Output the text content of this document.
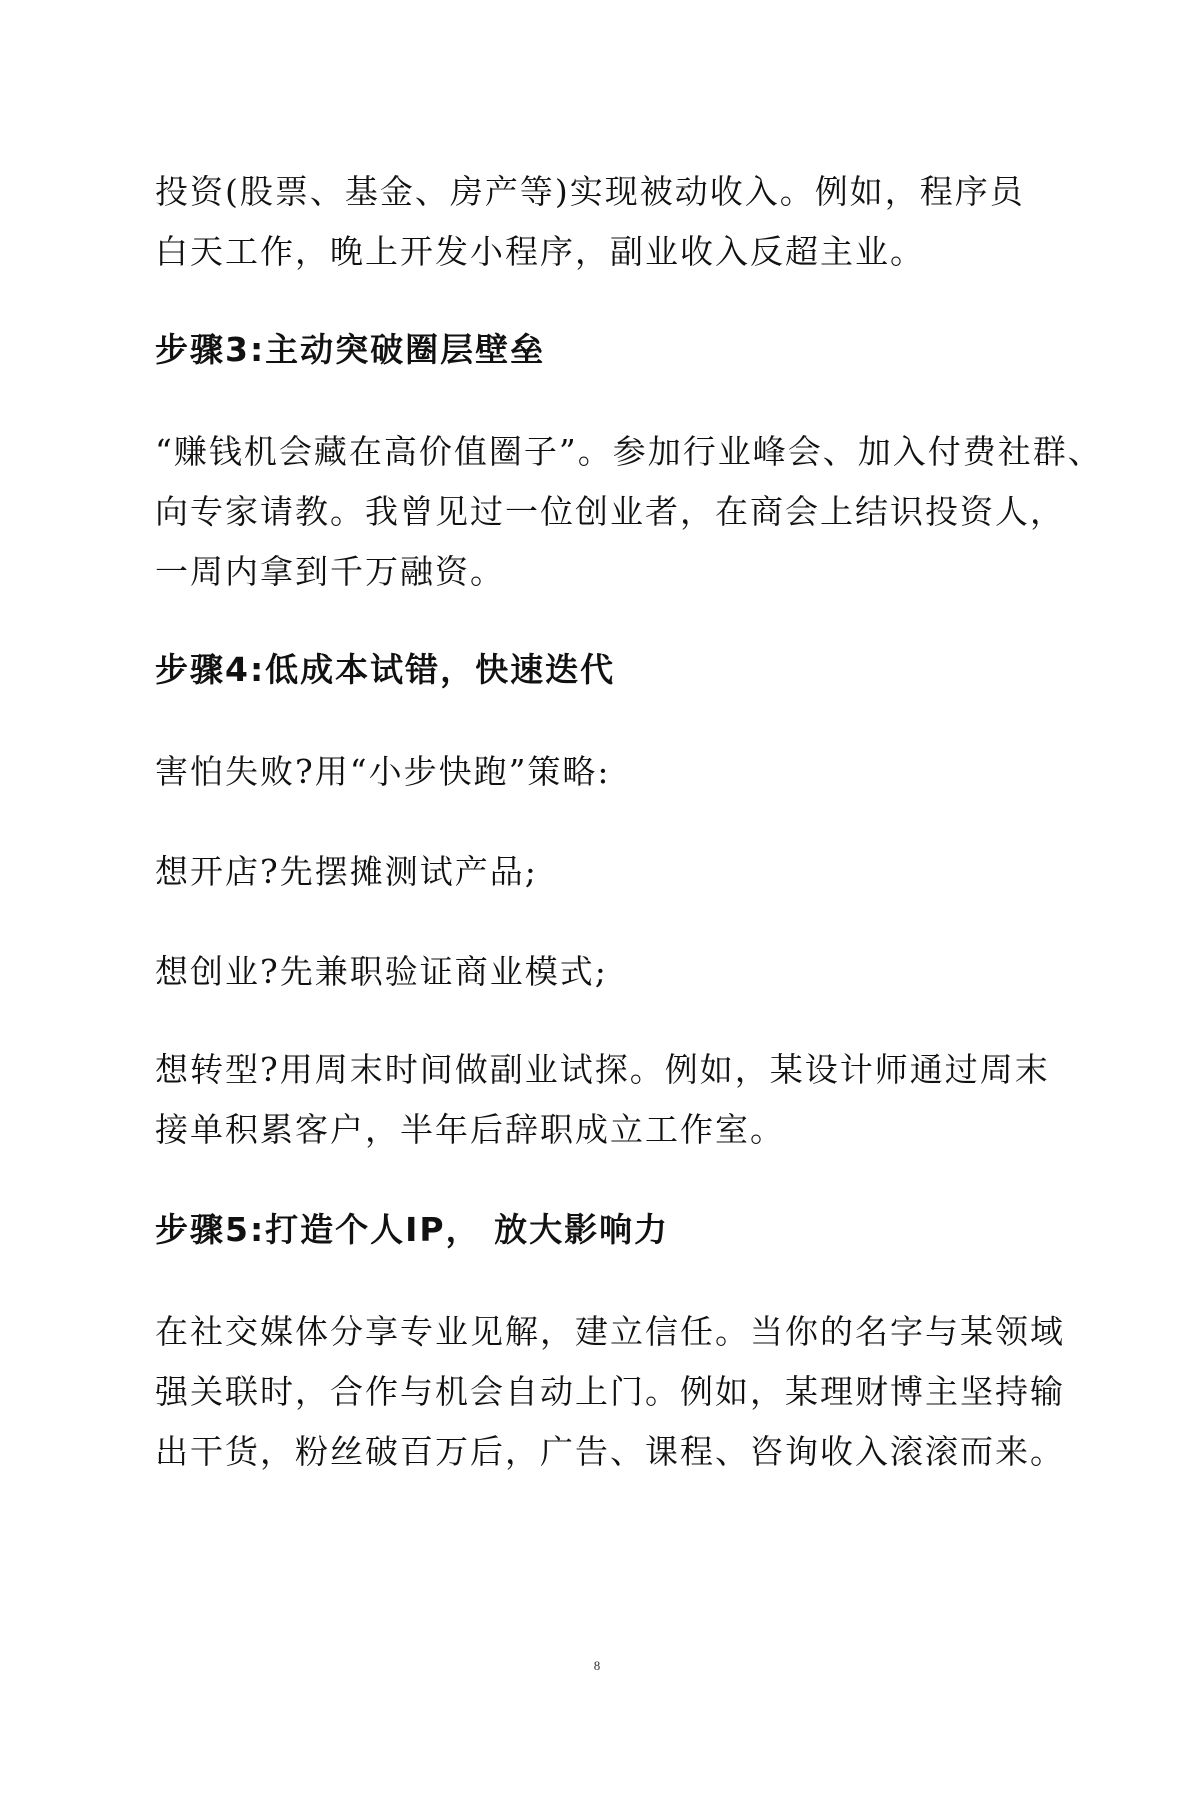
投资(股票、基金、房产等)实现被动收入。例如，程序员
白天工作，晚上开发小程序，副业收入反超主业。
步骤3:主动突破圈层壁垒
“赚钱机会藏在高价值圈子”。参加行业峰会、加入付费社群、
向专家请教。我曾见过一位创业者，在商会上结识投资人，
一周内拿到千万融资。
步骤4:低成本试错，快速迭代
害怕失败?用“小步快跑”策略:
想开店?先摆摊测试产品;
想创业?先兼职验证商业模式;
想转型?用周末时间做副业试探。例如，某设计师通过周末
接单积累客户，半年后辞职成立工作室。
步骤5:打造个人IP， 放大影响力
在社交媒体分享专业见解，建立信任。当你的名字与某领域
强关联时，合作与机会自动上门。例如，某理财博主坚持输
出干货，粉丝破百万后，广告、课程、咨询收入滚滚而来。
8
